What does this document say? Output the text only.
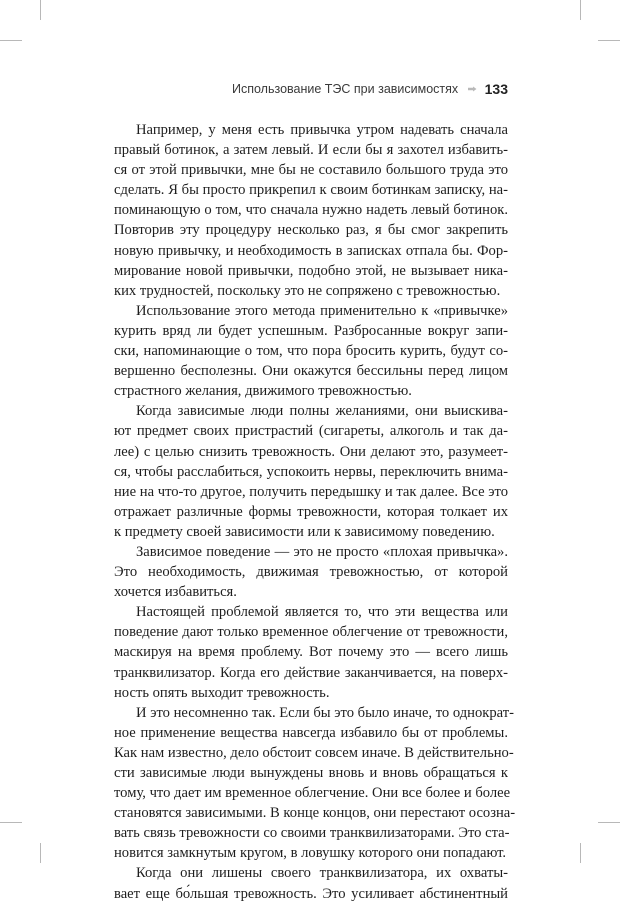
Использование ТЭС при зависимостях 133
Например, у меня есть привычка утром надевать сначала
правый ботинок, а затем левый. И если бы я захотел избавить-
ся от этой привычки, мне бы не составило большого труда это
сделать. Я бы просто прикрепил к своим ботинкам записку, на-
поминающую о том, что сначала нужно надеть левый ботинок.
Повторив эту процедуру несколько раз, я бы смог закрепить
новую привычку, и необходимость в записках отпала бы. Фор-
мирование новой привычки, подобно этой, не вызывает ника-
ких трудностей, поскольку это не сопряжено с тревожностью.
Использование этого метода применительно к «привычке»
курить вряд ли будет успешным. Разбросанные вокруг запи-
ски, напоминающие о том, что пора бросить курить, будут со-
вершенно бесполезны. Они окажутся бессильны перед лицом
страстного желания, движимого тревожностью.
Когда зависимые люди полны желаниями, они выискива-
ют предмет своих пристрастий (сигареты, алкоголь и так да-
лее) с целью снизить тревожность. Они делают это, разумеет-
ся, чтобы расслабиться, успокоить нервы, переключить внима-
ние на что-то другое, получить передышку и так далее. Все это
отражает различные формы тревожности, которая толкает их
к предмету своей зависимости или к зависимому поведению.
Зависимое поведение — это не просто «плохая привычка».
Это необходимость, движимая тревожностью, от которой
хочется избавиться.
Настоящей проблемой является то, что эти вещества или
поведение дают только временное облегчение от тревожности,
маскируя на время проблему. Вот почему это — всего лишь
транквилизатор. Когда его действие заканчивается, на поверх-
ность опять выходит тревожность.
И это несомненно так. Если бы это было иначе, то однократ-
ное применение вещества навсегда избавило бы от проблемы.
Как нам известно, дело обстоит совсем иначе. В действительно-
сти зависимые люди вынуждены вновь и вновь обращаться к
тому, что дает им временное облегчение. Они все более и более
становятся зависимыми. В конце концов, они перестают осозна-
вать связь тревожности со своими транквилизаторами. Это ста-
новится замкнутым кругом, в ловушку которого они попадают.
Когда они лишены своего транквилизатора, их охваты-
вает еще бо́льшая тревожность. Это усиливает абстинентный
